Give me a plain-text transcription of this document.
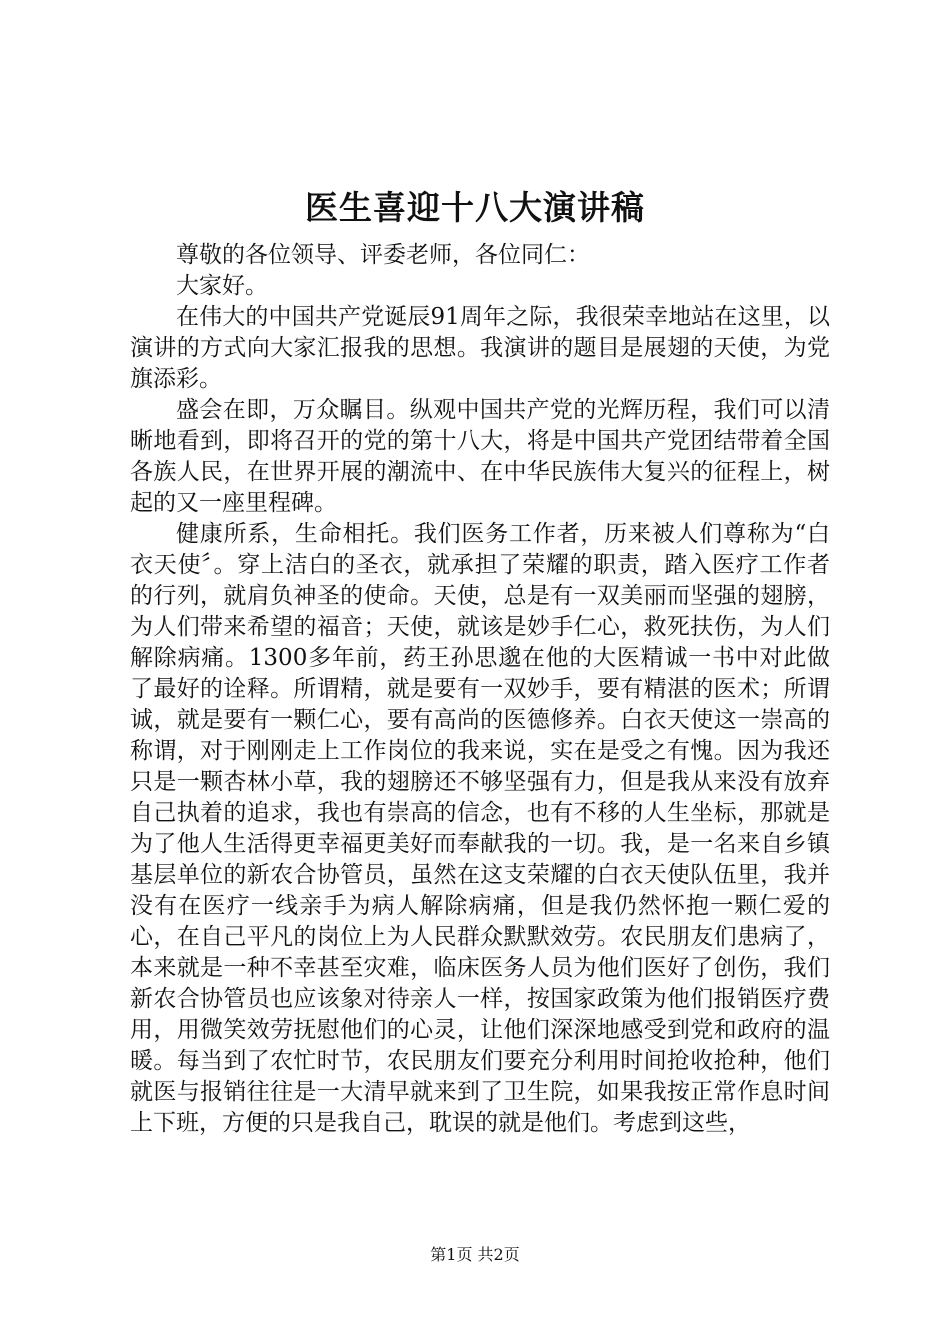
医生喜迎十八大演讲稿

尊敬的各位领导、评委老师，各位同仁：

大家好。

在伟大的中国共产党诞辰91周年之际，我很荣幸地站在这里，以演讲的方式向大家汇报我的思想。我演讲的题目是展翅的天使，为党旗添彩。

盛会在即，万众瞩目。纵观中国共产党的光辉历程，我们可以清晰地看到，即将召开的党的第十八大，将是中国共产党团结带着全国各族人民，在世界开展的潮流中、在中华民族伟大复兴的征程上，树起的又一座里程碑。

健康所系，生命相托。我们医务工作者，历来被人们尊称为“白衣天使〞。穿上洁白的圣衣，就承担了荣耀的职责，踏入医疗工作者的行列，就肩负神圣的使命。天使，总是有一双美丽而坚强的翅膀，为人们带来希望的福音；天使，就该是妙手仁心，救死扶伤，为人们解除病痛。1300多年前，药王孙思邈在他的大医精诚一书中对此做了最好的诠释。所谓精，就是要有一双妙手，要有精湛的医术；所谓诚，就是要有一颗仁心，要有高尚的医德修养。白衣天使这一崇高的称谓，对于刚刚走上工作岗位的我来说，实在是受之有愧。因为我还只是一颗杏林小草，我的翅膀还不够坚强有力，但是我从来没有放弃自己执着的追求，我也有崇高的信念，也有不移的人生坐标，那就是为了他人生活得更幸福更美好而奉献我的一切。我，是一名来自乡镇基层单位的新农合协管员，虽然在这支荣耀的白衣天使队伍里，我并没有在医疗一线亲手为病人解除病痛，但是我仍然怀抱一颗仁爱的心，在自己平凡的岗位上为人民群众默默效劳。农民朋友们患病了，本来就是一种不幸甚至灾难，临床医务人员为他们医好了创伤，我们新农合协管员也应该象对待亲人一样，按国家政策为他们报销医疗费用，用微笑效劳抚慰他们的心灵，让他们深深地感受到党和政府的温暖。每当到了农忙时节，农民朋友们要充分利用时间抢收抢种，他们就医与报销往往是一大清早就来到了卫生院，如果我按正常作息时间上下班，方便的只是我自己，耽误的就是他们。考虑到这些，

第1页 共2页
